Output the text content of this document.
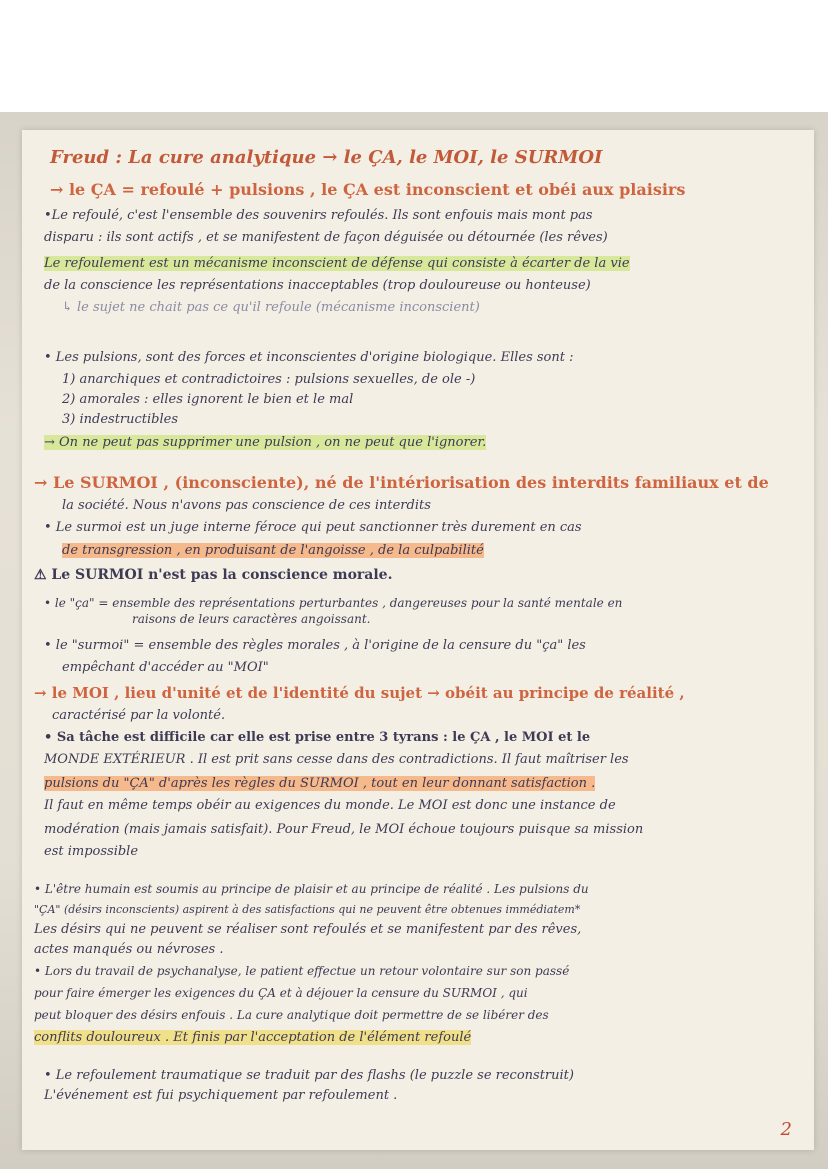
Freud : La cure analytique → le ÇA, le MOI, le SURMOI
→ le ÇA = refoulé + pulsions , le ÇA est inconscient et obéi aux plaisirs
•Le refoulé, c'est l'ensemble des souvenirs refoulés. Ils sont enfouis mais mont pas
disparu : ils sont actifs , et se manifestent de façon déguisée ou détournée (les rêves)
Le refoulement est un mécanisme inconscient de défense qui consiste à écarter de la vie
de la conscience les représentations inacceptables (trop douloureuse ou honteuse)
↳ le sujet ne chait pas ce qu'il refoule (mécanisme inconscient)
• Les pulsions, sont des forces et inconscientes d'origine biologique. Elles sont :
1) anarchiques et contradictoires : pulsions sexuelles, de ole -)
2) amorales : elles ignorent le bien et le mal
3) indestructibles
→ On ne peut pas supprimer une pulsion , on ne peut que l'ignorer.
→ Le SURMOI , (inconsciente), né de l'intériorisation des interdits familiaux et de
la société. Nous n'avons pas conscience de ces interdits
• Le surmoi est un juge interne féroce qui peut sanctionner très durement en cas
de transgression , en produisant de l'angoisse , de la culpabilité
⚠ Le SURMOI n'est pas la conscience morale.
• le "ça" = ensemble des représentations perturbantes , dangereuses pour la santé mentale en
raisons de leurs caractères angoissant.
• le "surmoi" = ensemble des règles morales , à l'origine de la censure du "ça" les
empêchant d'accéder au "MOI"
→ le MOI , lieu d'unité et de l'identité du sujet → obéit au principe de réalité ,
caractérisé par la volonté.
• Sa tâche est difficile car elle est prise entre 3 tyrans : le ÇA , le MOI et le
MONDE EXTÉRIEUR . Il est prit sans cesse dans des contradictions. Il faut maîtriser les
pulsions du "ÇA" d'après les règles du SURMOI , tout en leur donnant satisfaction .
Il faut en même temps obéir au exigences du monde. Le MOI est donc une instance de
modération (mais jamais satisfait). Pour Freud, le MOI échoue toujours puisque sa mission
est impossible
• L'être humain est soumis au principe de plaisir et au principe de réalité . Les pulsions du
"ÇA" (désirs inconscients) aspirent à des satisfactions qui ne peuvent être obtenues immédiatem*
Les désirs qui ne peuvent se réaliser sont refoulés et se manifestent par des rêves,
actes manqués ou névroses .
• Lors du travail de psychanalyse, le patient effectue un retour volontaire sur son passé
pour faire émerger les exigences du ÇA et à déjouer la censure du SURMOI , qui
peut bloquer des désirs enfouis . La cure analytique doit permettre de se libérer des
conflits douloureux . Et finis par l'acceptation de l'élément refoulé
• Le refoulement traumatique se traduit par des flashs (le puzzle se reconstruit)
L'événement est fui psychiquement par refoulement .
2
